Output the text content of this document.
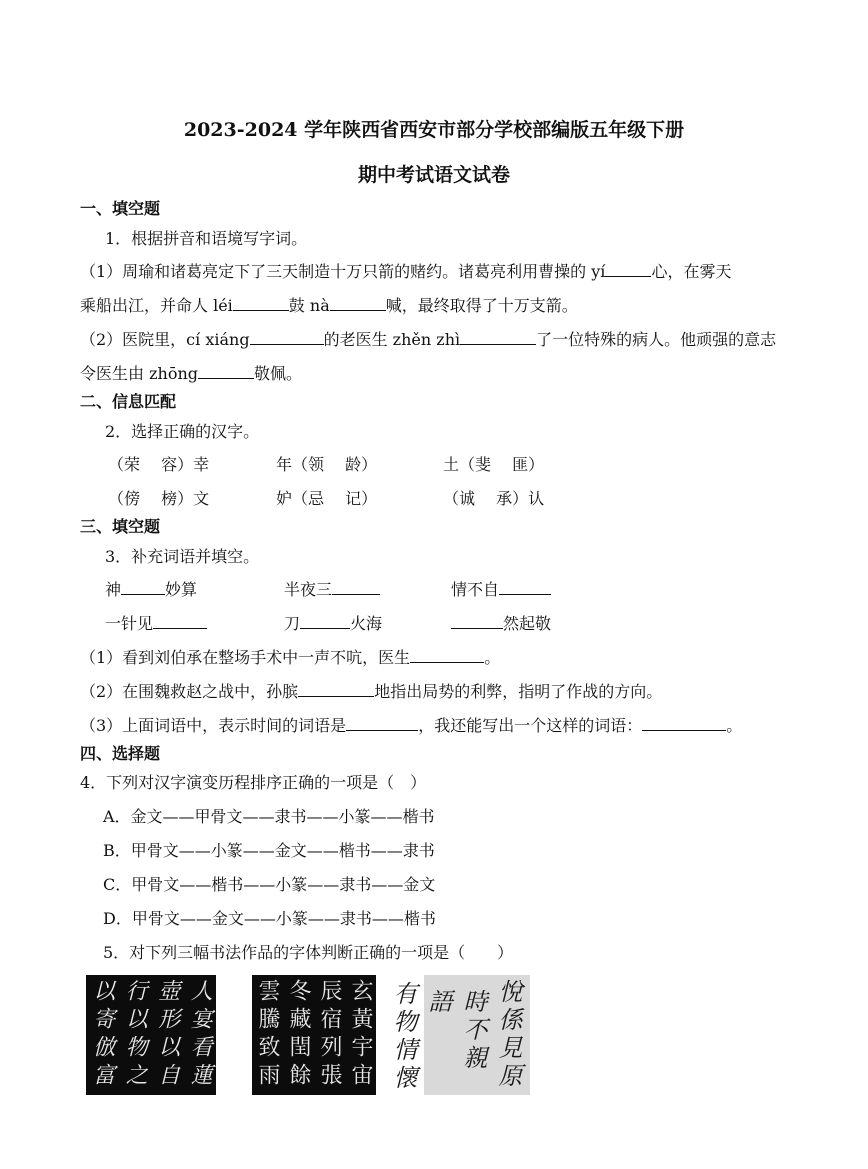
2023-2024 学年陕西省西安市部分学校部编版五年级下册
期中考试语文试卷
一、填空题
1．根据拼音和语境写字词。
（1）周瑜和诸葛亮定下了三天制造十万只箭的赌约。诸葛亮利用曹操的 yí	心，在雾天
乘船出江，并命人 léi	鼓 nà	喊，最终取得了十万支箭。
（2）医院里，cí xiáng	的老医生 zhěn zhì	了一位特殊的病人。他顽强的意志
令医生由 zhōng	敬佩。
二、信息匹配
2．选择正确的汉字。
（荣　 容）幸	年（领　 龄）	土（斐　 匪）
（傍　 榜）文	妒（忌　 记）	（诚　 承）认
三、填空题
3．补充词语并填空。
神	妙算	半夜三	情不自
一针见	刀	火海	然起敬
（1）看到刘伯承在整场手术中一声不吭，医生	。
（2）在围魏救赵之战中，孙膑	地指出局势的利弊，指明了作战的方向。
（3）上面词语中，表示时间的词语是	，我还能写出一个这样的词语：	。
四、选择题
4．下列对汉字演变历程排序正确的一项是（　）
A．金文——甲骨文——隶书——小篆——楷书
B．甲骨文——小篆——金文——楷书——隶书
C．甲骨文——楷书——小篆——隶书——金文
D．甲骨文——金文——小篆——隶书——楷书
5．对下列三幅书法作品的字体判断正确的一项是（　　）
人宴看蓮
壺形以自
行以物之
以寄倣富	玄黃宇宙
辰宿列張
冬藏閏餘
雲騰致雨	悅係見原
時不親語
有物情懷
